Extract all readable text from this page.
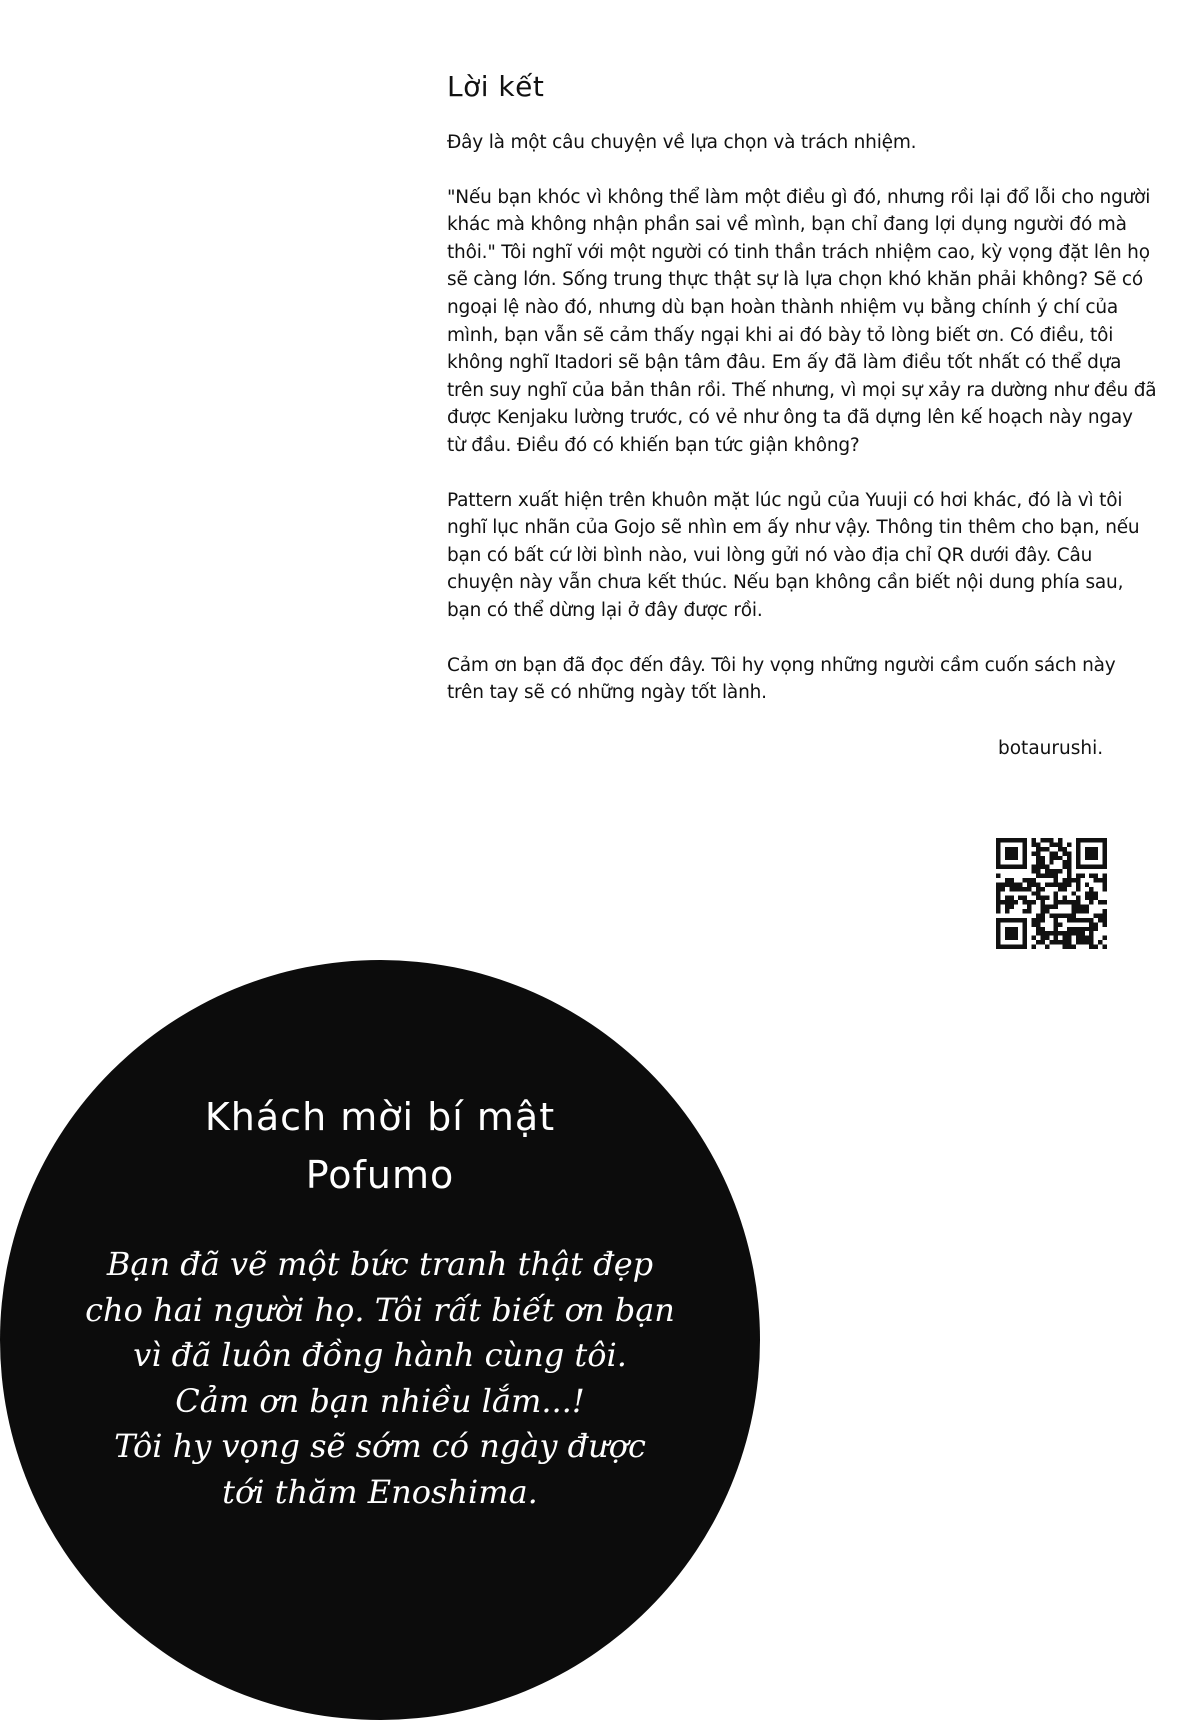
Lời kết

Đây là một câu chuyện về lựa chọn và trách nhiệm.

"Nếu bạn khóc vì không thể làm một điều gì đó, nhưng rồi lại đổ lỗi cho người khác mà không nhận phần sai về mình, bạn chỉ đang lợi dụng người đó mà thôi." Tôi nghĩ với một người có tinh thần trách nhiệm cao, kỳ vọng đặt lên họ sẽ càng lớn. Sống trung thực thật sự là lựa chọn khó khăn phải không? Sẽ có ngoại lệ nào đó, nhưng dù bạn hoàn thành nhiệm vụ bằng chính ý chí của mình, bạn vẫn sẽ cảm thấy ngại khi ai đó bày tỏ lòng biết ơn. Có điều, tôi không nghĩ Itadori sẽ bận tâm đâu. Em ấy đã làm điều tốt nhất có thể dựa trên suy nghĩ của bản thân rồi. Thế nhưng, vì mọi sự xảy ra dường như đều đã được Kenjaku lường trước, có vẻ như ông ta đã dựng lên kế hoạch này ngay từ đầu. Điều đó có khiến bạn tức giận không?

Pattern xuất hiện trên khuôn mặt lúc ngủ của Yuuji có hơi khác, đó là vì tôi nghĩ lục nhãn của Gojo sẽ nhìn em ấy như vậy. Thông tin thêm cho bạn, nếu bạn có bất cứ lời bình nào, vui lòng gửi nó vào địa chỉ QR dưới đây. Câu chuyện này vẫn chưa kết thúc. Nếu bạn không cần biết nội dung phía sau, bạn có thể dừng lại ở đây được rồi.

Cảm ơn bạn đã đọc đến đây. Tôi hy vọng những người cầm cuốn sách này trên tay sẽ có những ngày tốt lành.

botaurushi.
Khách mời bí mật
Pofumo
Bạn đã vẽ một bức tranh thật đẹp
cho hai người họ. Tôi rất biết ơn bạn
vì đã luôn đồng hành cùng tôi.
Cảm ơn bạn nhiều lắm...!
Tôi hy vọng sẽ sớm có ngày được
tới thăm Enoshima.
